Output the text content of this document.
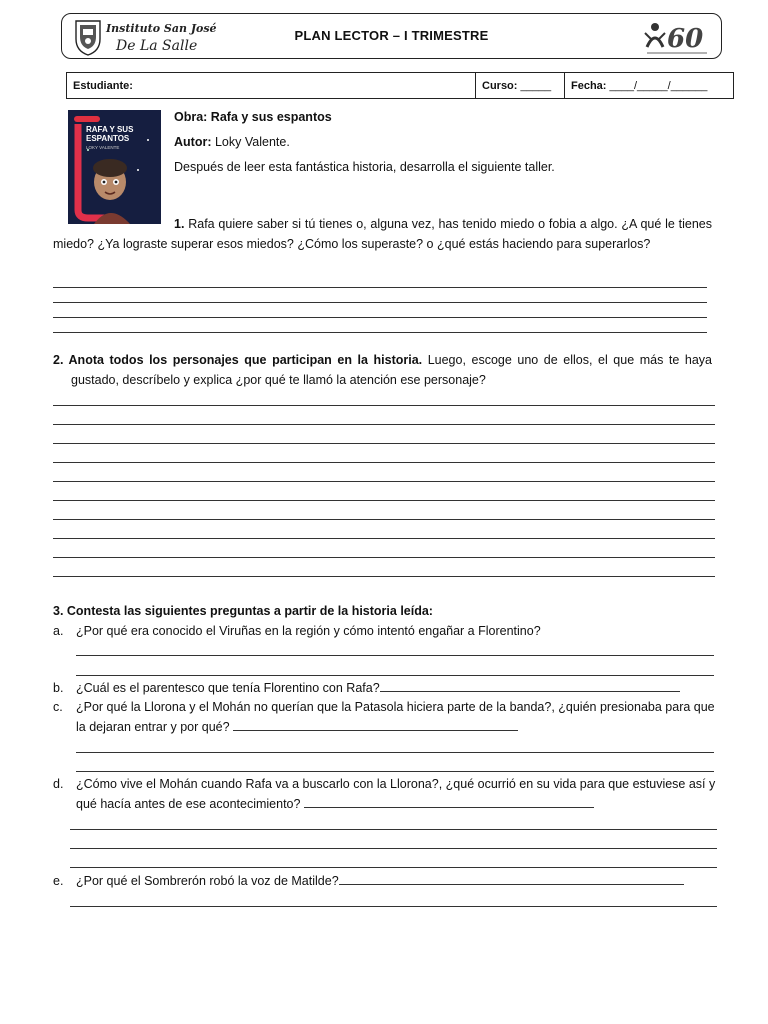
Instituto San José
De La Salle
PLAN LECTOR – I TRIMESTRE	60
Estudiante:	Curso: _____	Fecha: ____/_____/______
RAFA Y SUS
ESPANTOS
LOKY VALENTE
Obra: Rafa y sus espantos
Autor: Loky Valente.
Después de leer esta fantástica historia, desarrolla el siguiente taller.
1. Rafa quiere saber si tú tienes o, alguna vez, has tenido miedo o fobia a algo. ¿A qué le tienes miedo? ¿Ya lograste superar esos miedos? ¿Cómo los superaste? o ¿qué estás haciendo para superarlos?
2. Anota todos los personajes que participan en la historia. Luego, escoge uno de ellos, el que más te haya gustado, descríbelo y explica ¿por qué te llamó la atención ese personaje?
3. Contesta las siguientes preguntas a partir de la historia leída:
a. ¿Por qué era conocido el Viruñas en la región y cómo intentó engañar a Florentino?
b. ¿Cuál es el parentesco que tenía Florentino con Rafa?
c. ¿Por qué la Llorona y el Mohán no querían que la Patasola hiciera parte de la banda?, ¿quién presionaba para que la dejaran entrar y por qué?
d. ¿Cómo vive el Mohán cuando Rafa va a buscarlo con la Llorona?, ¿qué ocurrió en su vida para que estuviese así y qué hacía antes de ese acontecimiento?
e. ¿Por qué el Sombrerón robó la voz de Matilde?
